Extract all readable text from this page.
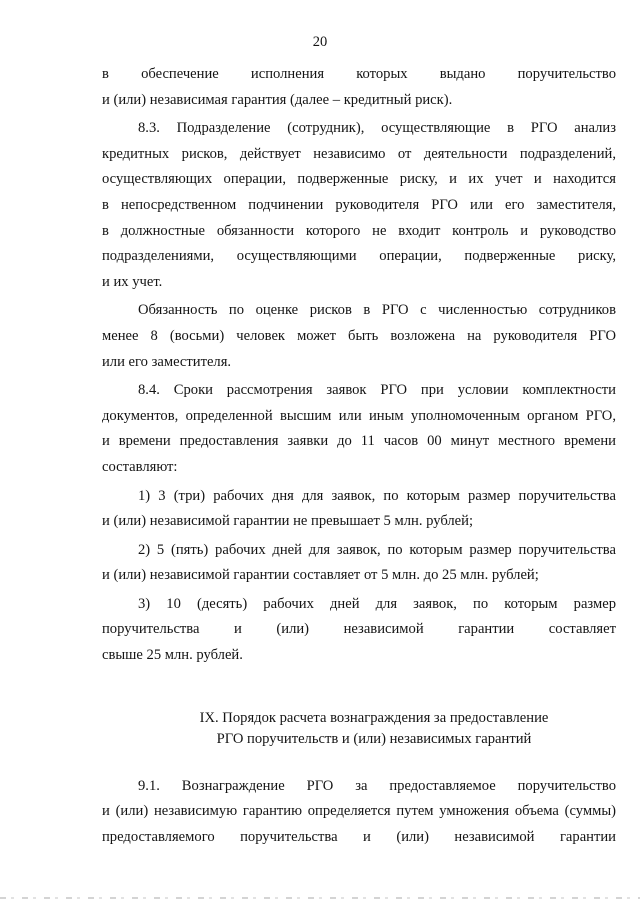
20
в обеспечение исполнения которых выдано поручительство
и (или) независимая гарантия (далее – кредитный риск).
8.3. Подразделение (сотрудник), осуществляющие в РГО анализ
кредитных рисков, действует независимо от деятельности подразделений,
осуществляющих операции, подверженные риску, и их учет и находится
в непосредственном подчинении руководителя РГО или его заместителя,
в должностные обязанности которого не входит контроль и руководство
подразделениями, осуществляющими операции, подверженные риску,
и их учет.
Обязанность по оценке рисков в РГО с численностью сотрудников
менее 8 (восьми) человек может быть возложена на руководителя РГО
или его заместителя.
8.4. Сроки рассмотрения заявок РГО при условии комплектности
документов, определенной высшим или иным уполномоченным органом РГО,
и времени предоставления заявки до 11 часов 00 минут местного времени
составляют:
1) 3 (три) рабочих дня для заявок, по которым размер поручительства
и (или) независимой гарантии не превышает 5 млн. рублей;
2) 5 (пять) рабочих дней для заявок, по которым размер поручительства
и (или) независимой гарантии составляет от 5 млн. до 25 млн. рублей;
3) 10 (десять) рабочих дней для заявок, по которым размер
поручительства и (или) независимой гарантии составляет
свыше 25 млн. рублей.
IX. Порядок расчета вознаграждения за предоставление
РГО поручительств и (или) независимых гарантий
9.1. Вознаграждение РГО за предоставляемое поручительство
и (или) независимую гарантию определяется путем умножения объема (суммы)
предоставляемого поручительства и (или) независимой гарантии
